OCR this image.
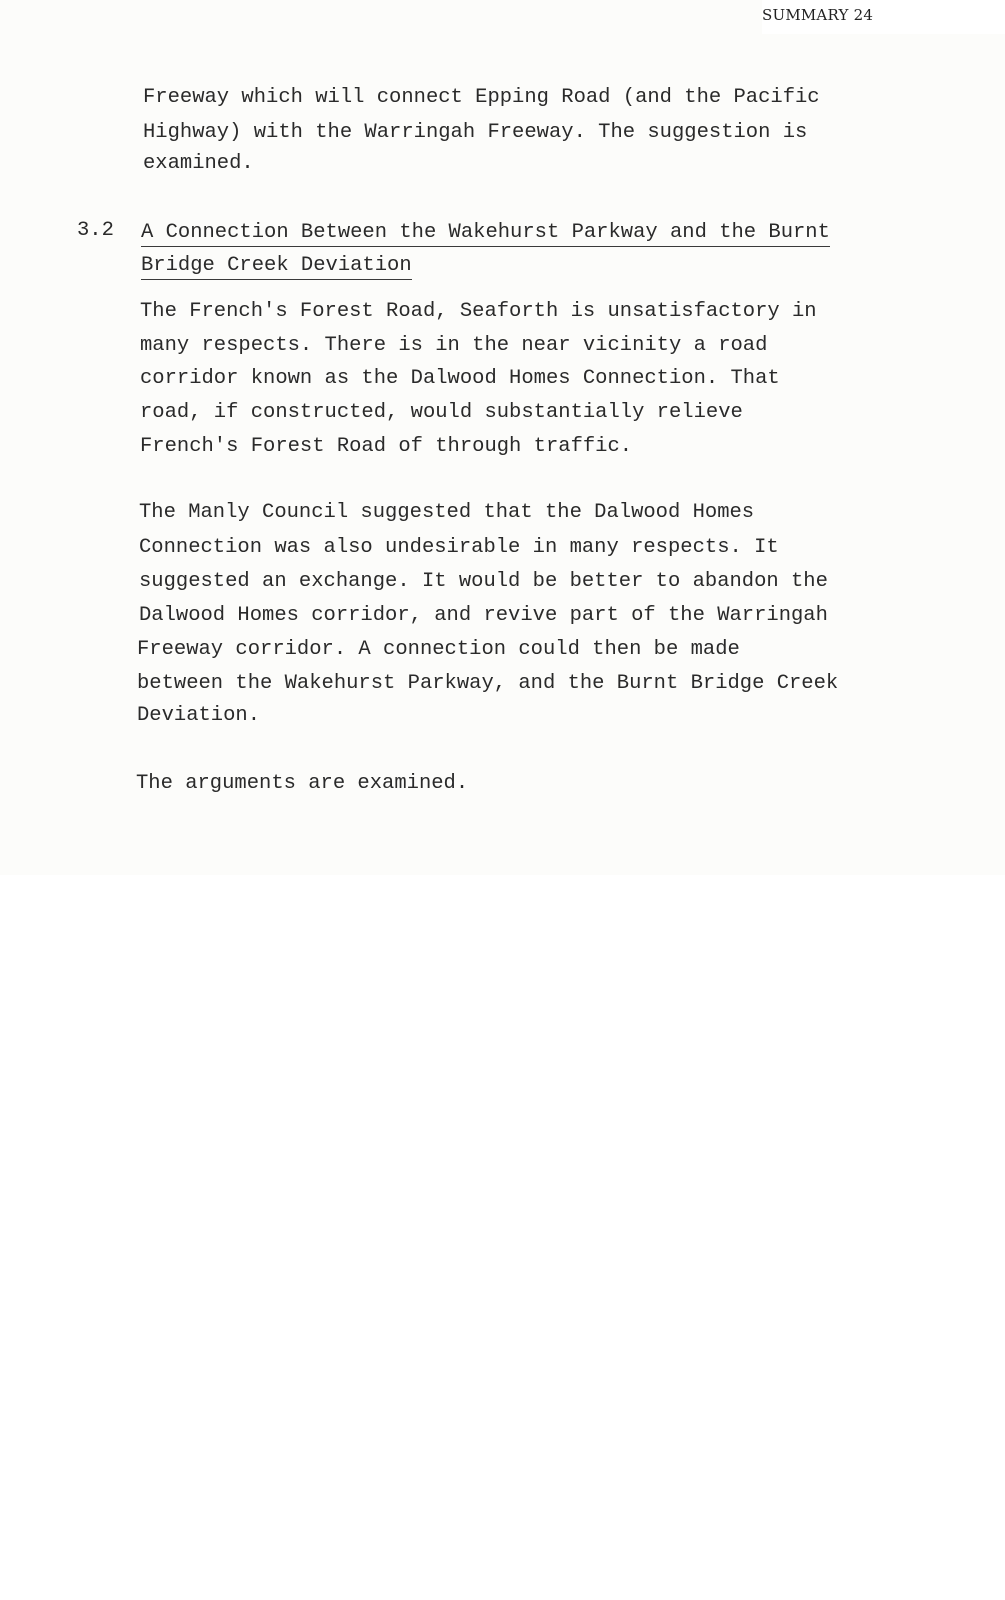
SUMMARY 24
Freeway which will connect Epping Road (and the Pacific
Highway) with the Warringah Freeway. The suggestion is
examined.
3.2 A Connection Between the Wakehurst Parkway and the Burnt
Bridge Creek Deviation
The French's Forest Road, Seaforth is unsatisfactory in
many respects. There is in the near vicinity a road
corridor known as the Dalwood Homes Connection. That
road, if constructed, would substantially relieve
French's Forest Road of through traffic.
The Manly Council suggested that the Dalwood Homes
Connection was also undesirable in many respects. It
suggested an exchange. It would be better to abandon the
Dalwood Homes corridor, and revive part of the Warringah
Freeway corridor. A connection could then be made
between the Wakehurst Parkway, and the Burnt Bridge Creek
Deviation.
The arguments are examined.
